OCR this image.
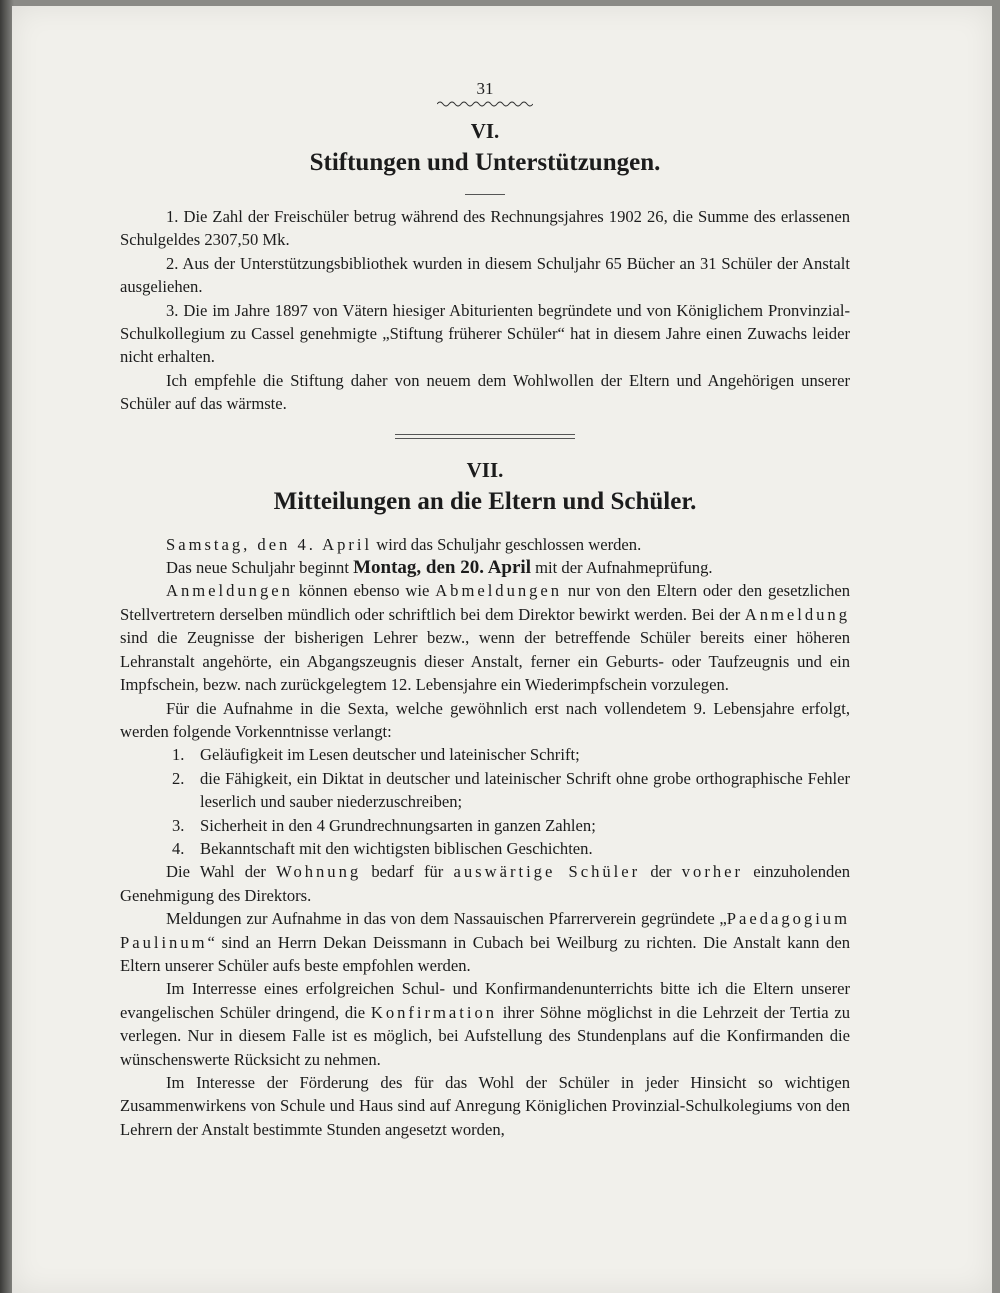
31
VI.
Stiftungen und Unterstützungen.

1. Die Zahl der Freischüler betrug während des Rechnungsjahres 1902 26, die Summe des erlassenen Schulgeldes 2307,50 Mk.

2. Aus der Unterstützungsbibliothek wurden in diesem Schuljahr 65 Bücher an 31 Schüler der Anstalt ausgeliehen.

3. Die im Jahre 1897 von Vätern hiesiger Abiturienten begründete und von Königlichem Pronvinzial-Schulkollegium zu Cassel genehmigte „Stiftung früherer Schüler“ hat in diesem Jahre einen Zuwachs leider nicht erhalten.

Ich empfehle die Stiftung daher von neuem dem Wohlwollen der Eltern und Angehörigen unserer Schüler auf das wärmste.

VII.
Mitteilungen an die Eltern und Schüler.

Samstag, den 4. April wird das Schuljahr geschlossen werden.

Das neue Schuljahr beginnt Montag, den 20. April mit der Aufnahmeprüfung.

Anmeldungen können ebenso wie Abmeldungen nur von den Eltern oder den gesetzlichen Stellvertretern derselben mündlich oder schriftlich bei dem Direktor bewirkt werden. Bei der Anmeldung sind die Zeugnisse der bisherigen Lehrer bezw., wenn der betreffende Schüler bereits einer höheren Lehranstalt angehörte, ein Abgangszeugnis dieser Anstalt, ferner ein Geburts- oder Taufzeugnis und ein Impfschein, bezw. nach zurückgelegtem 12. Lebensjahre ein Wiederimpfschein vorzulegen.

Für die Aufnahme in die Sexta, welche gewöhnlich erst nach vollendetem 9. Lebensjahre erfolgt, werden folgende Vorkenntnisse verlangt:

1. Geläufigkeit im Lesen deutscher und lateinischer Schrift;
2. die Fähigkeit, ein Diktat in deutscher und lateinischer Schrift ohne grobe orthographische Fehler leserlich und sauber niederzuschreiben;
3. Sicherheit in den 4 Grundrechnungsarten in ganzen Zahlen;
4. Bekanntschaft mit den wichtigsten biblischen Geschichten.

Die Wahl der Wohnung bedarf für auswärtige Schüler der vorher einzuholenden Genehmigung des Direktors.

Meldungen zur Aufnahme in das von dem Nassauischen Pfarrerverein gegründete „Paedagogium Paulinum“ sind an Herrn Dekan Deissmann in Cubach bei Weilburg zu richten. Die Anstalt kann den Eltern unserer Schüler aufs beste empfohlen werden.

Im Interresse eines erfolgreichen Schul- und Konfirmandenunterrichts bitte ich die Eltern unserer evangelischen Schüler dringend, die Konfirmation ihrer Söhne möglichst in die Lehrzeit der Tertia zu verlegen. Nur in diesem Falle ist es möglich, bei Aufstellung des Stundenplans auf die Konfirmanden die wünschenswerte Rücksicht zu nehmen.

Im Interesse der Förderung des für das Wohl der Schüler in jeder Hinsicht so wichtigen Zusammenwirkens von Schule und Haus sind auf Anregung Königlichen Provinzial-Schulkolegiums von den Lehrern der Anstalt bestimmte Stunden angesetzt worden,
